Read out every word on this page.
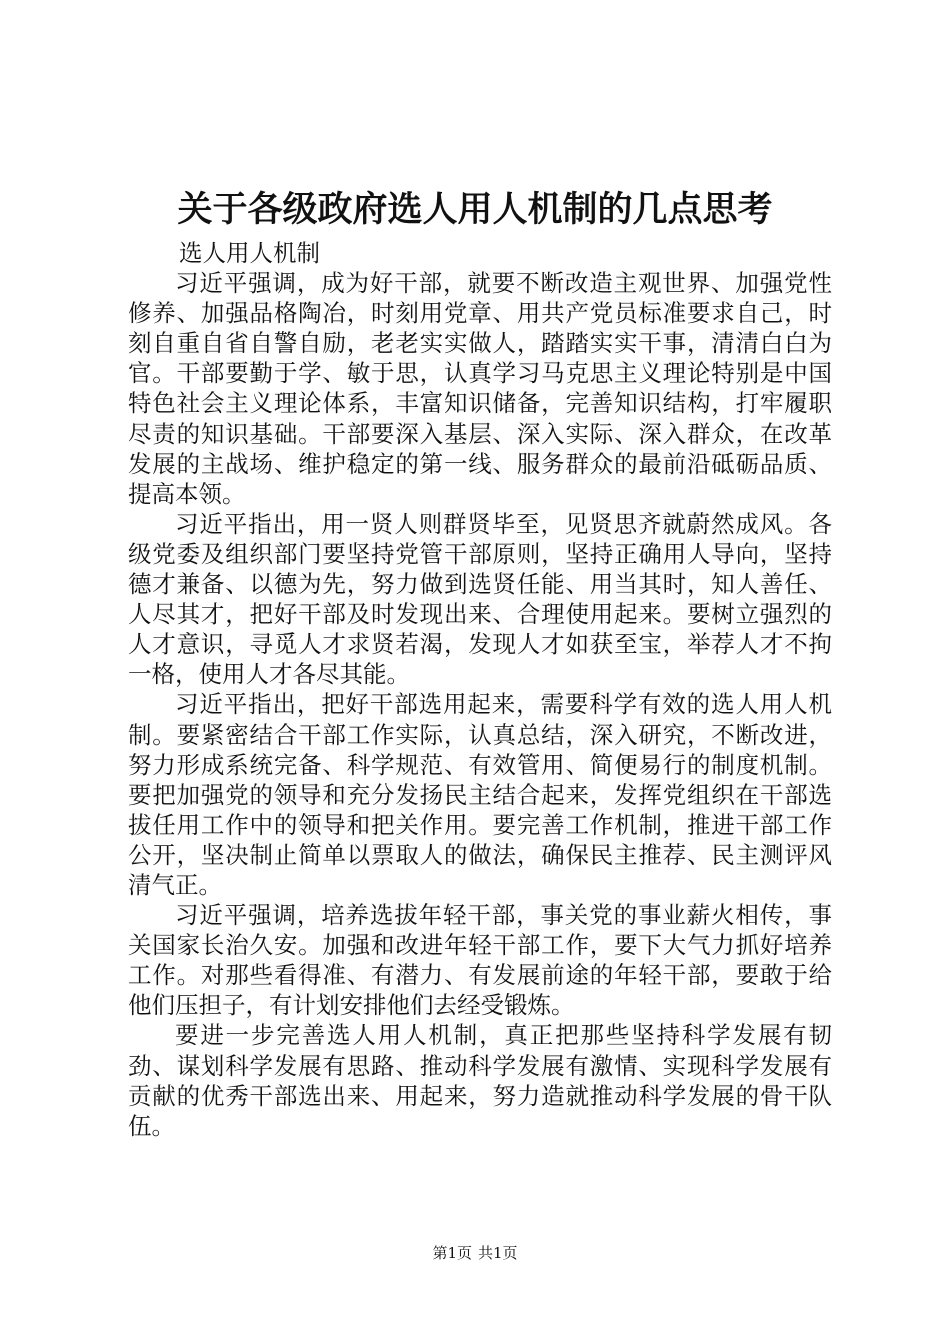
关于各级政府选人用人机制的几点思考

选人用人机制

习近平强调，成为好干部，就要不断改造主观世界、加强党性修养、加强品格陶冶，时刻用党章、用共产党员标准要求自己，时刻自重自省自警自励，老老实实做人，踏踏实实干事，清清白白为官。干部要勤于学、敏于思，认真学习马克思主义理论特别是中国特色社会主义理论体系，丰富知识储备，完善知识结构，打牢履职尽责的知识基础。干部要深入基层、深入实际、深入群众，在改革发展的主战场、维护稳定的第一线、服务群众的最前沿砥砺品质、提高本领。

习近平指出，用一贤人则群贤毕至，见贤思齐就蔚然成风。各级党委及组织部门要坚持党管干部原则，坚持正确用人导向，坚持德才兼备、以德为先，努力做到选贤任能、用当其时，知人善任、人尽其才，把好干部及时发现出来、合理使用起来。要树立强烈的人才意识，寻觅人才求贤若渴，发现人才如获至宝，举荐人才不拘一格，使用人才各尽其能。

习近平指出，把好干部选用起来，需要科学有效的选人用人机制。要紧密结合干部工作实际，认真总结，深入研究，不断改进，努力形成系统完备、科学规范、有效管用、简便易行的制度机制。要把加强党的领导和充分发扬民主结合起来，发挥党组织在干部选拔任用工作中的领导和把关作用。要完善工作机制，推进干部工作公开，坚决制止简单以票取人的做法，确保民主推荐、民主测评风清气正。

习近平强调，培养选拔年轻干部，事关党的事业薪火相传，事关国家长治久安。加强和改进年轻干部工作，要下大气力抓好培养工作。对那些看得准、有潜力、有发展前途的年轻干部，要敢于给他们压担子，有计划安排他们去经受锻炼。

要进一步完善选人用人机制，真正把那些坚持科学发展有韧劲、谋划科学发展有思路、推动科学发展有激情、实现科学发展有贡献的优秀干部选出来、用起来，努力造就推动科学发展的骨干队伍。

第1页 共1页
